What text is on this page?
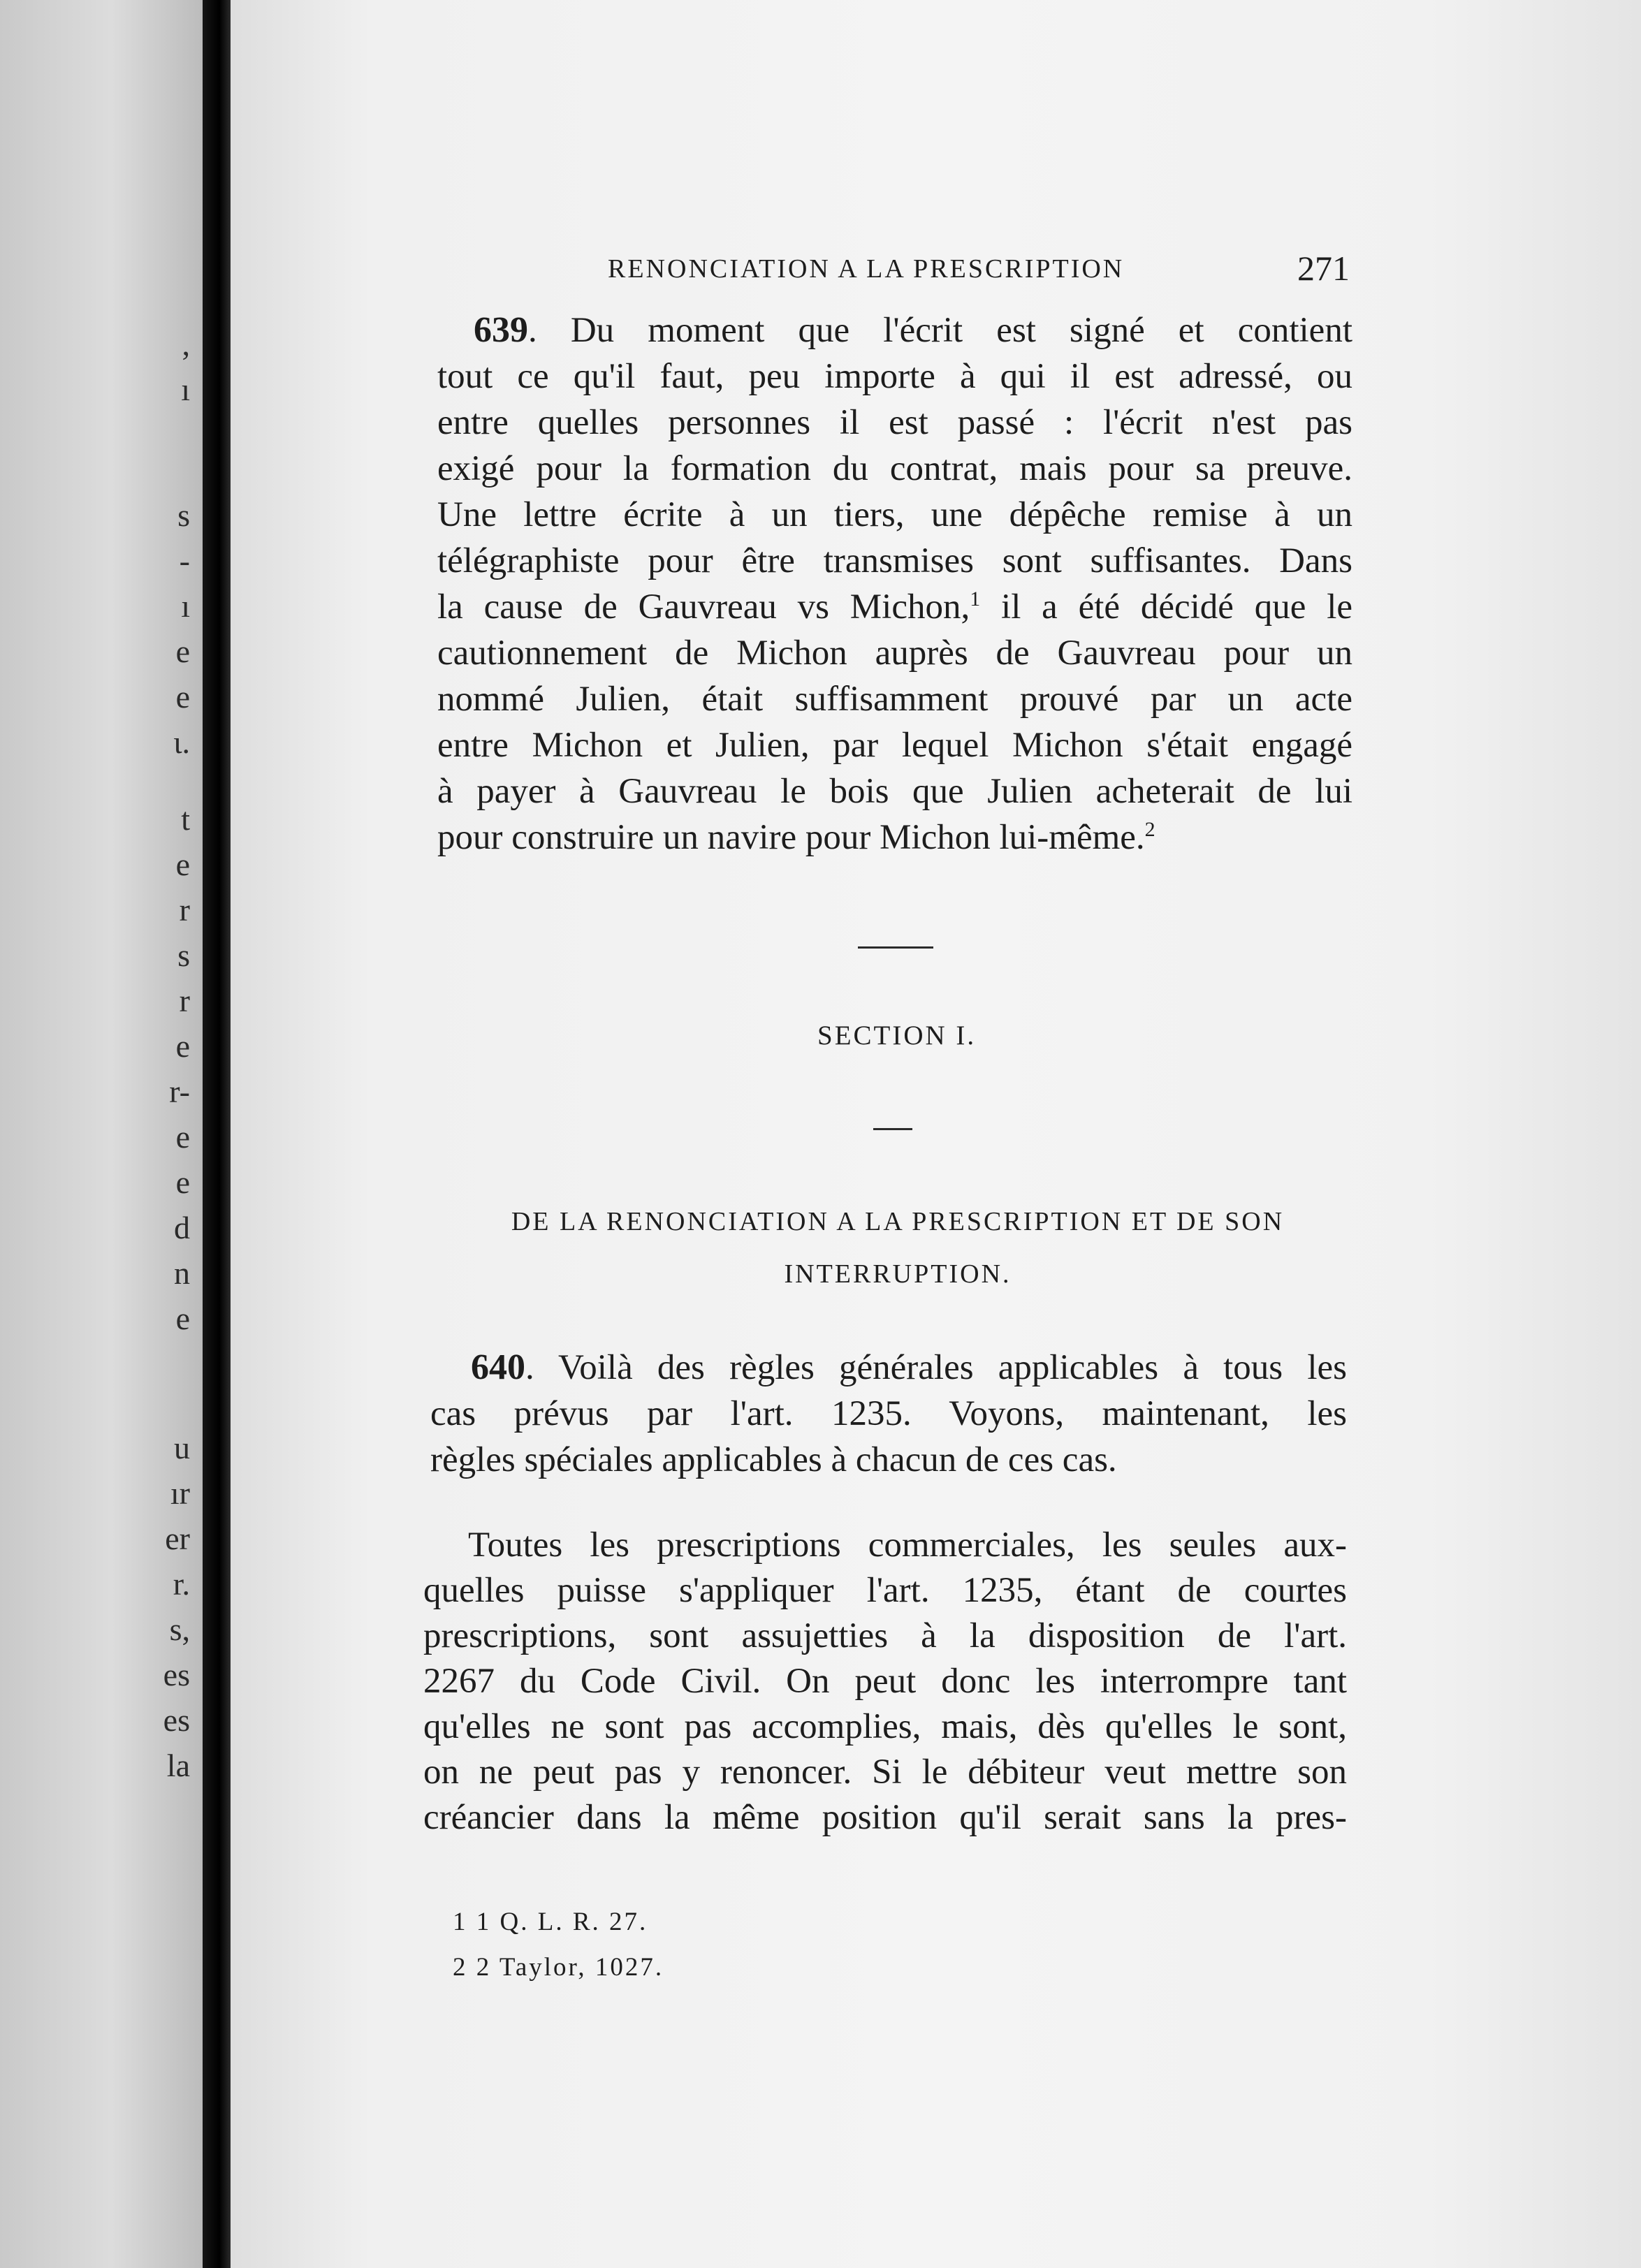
,
ı
s
-
ı
e
e
ι.
t
e
r
s
r
e
r-
e
e
d
n
e
u
ır
er
r.
s,
es
es
la
RENONCIATION A LA PRESCRIPTION	271
639. Du moment que l'écrit est signé et contient
tout ce qu'il faut, peu importe à qui il est adressé, ou
entre quelles personnes il est passé : l'écrit n'est pas
exigé pour la formation du contrat, mais pour sa preuve.
Une lettre écrite à un tiers, une dépêche remise à un
télégraphiste pour être transmises sont suffisantes. Dans
la cause de Gauvreau vs Michon,$^1$ il a été décidé que le
cautionnement de Michon auprès de Gauvreau pour un
nommé Julien, était suffisamment prouvé par un acte
entre Michon et Julien, par lequel Michon s'était engagé
à payer à Gauvreau le bois que Julien acheterait de lui
pour construire un navire pour Michon lui-même.$^2$
SECTION I.
DE LA RENONCIATION A LA PRESCRIPTION ET DE SON
INTERRUPTION.
640. Voilà des règles générales applicables à tous les
cas prévus par l'art. 1235. Voyons, maintenant, les
règles spéciales applicables à chacun de ces cas.
Toutes les prescriptions commerciales, les seules aux-
quelles puisse s'appliquer l'art. 1235, étant de courtes
prescriptions, sont assujetties à la disposition de l'art.
2267 du Code Civil. On peut donc les interrompre tant
qu'elles ne sont pas accomplies, mais, dès qu'elles le sont,
on ne peut pas y renoncer. Si le débiteur veut mettre son
créancier dans la même position qu'il serait sans la pres-
1 1 Q. L. R. 27.
2 2 Taylor, 1027.
